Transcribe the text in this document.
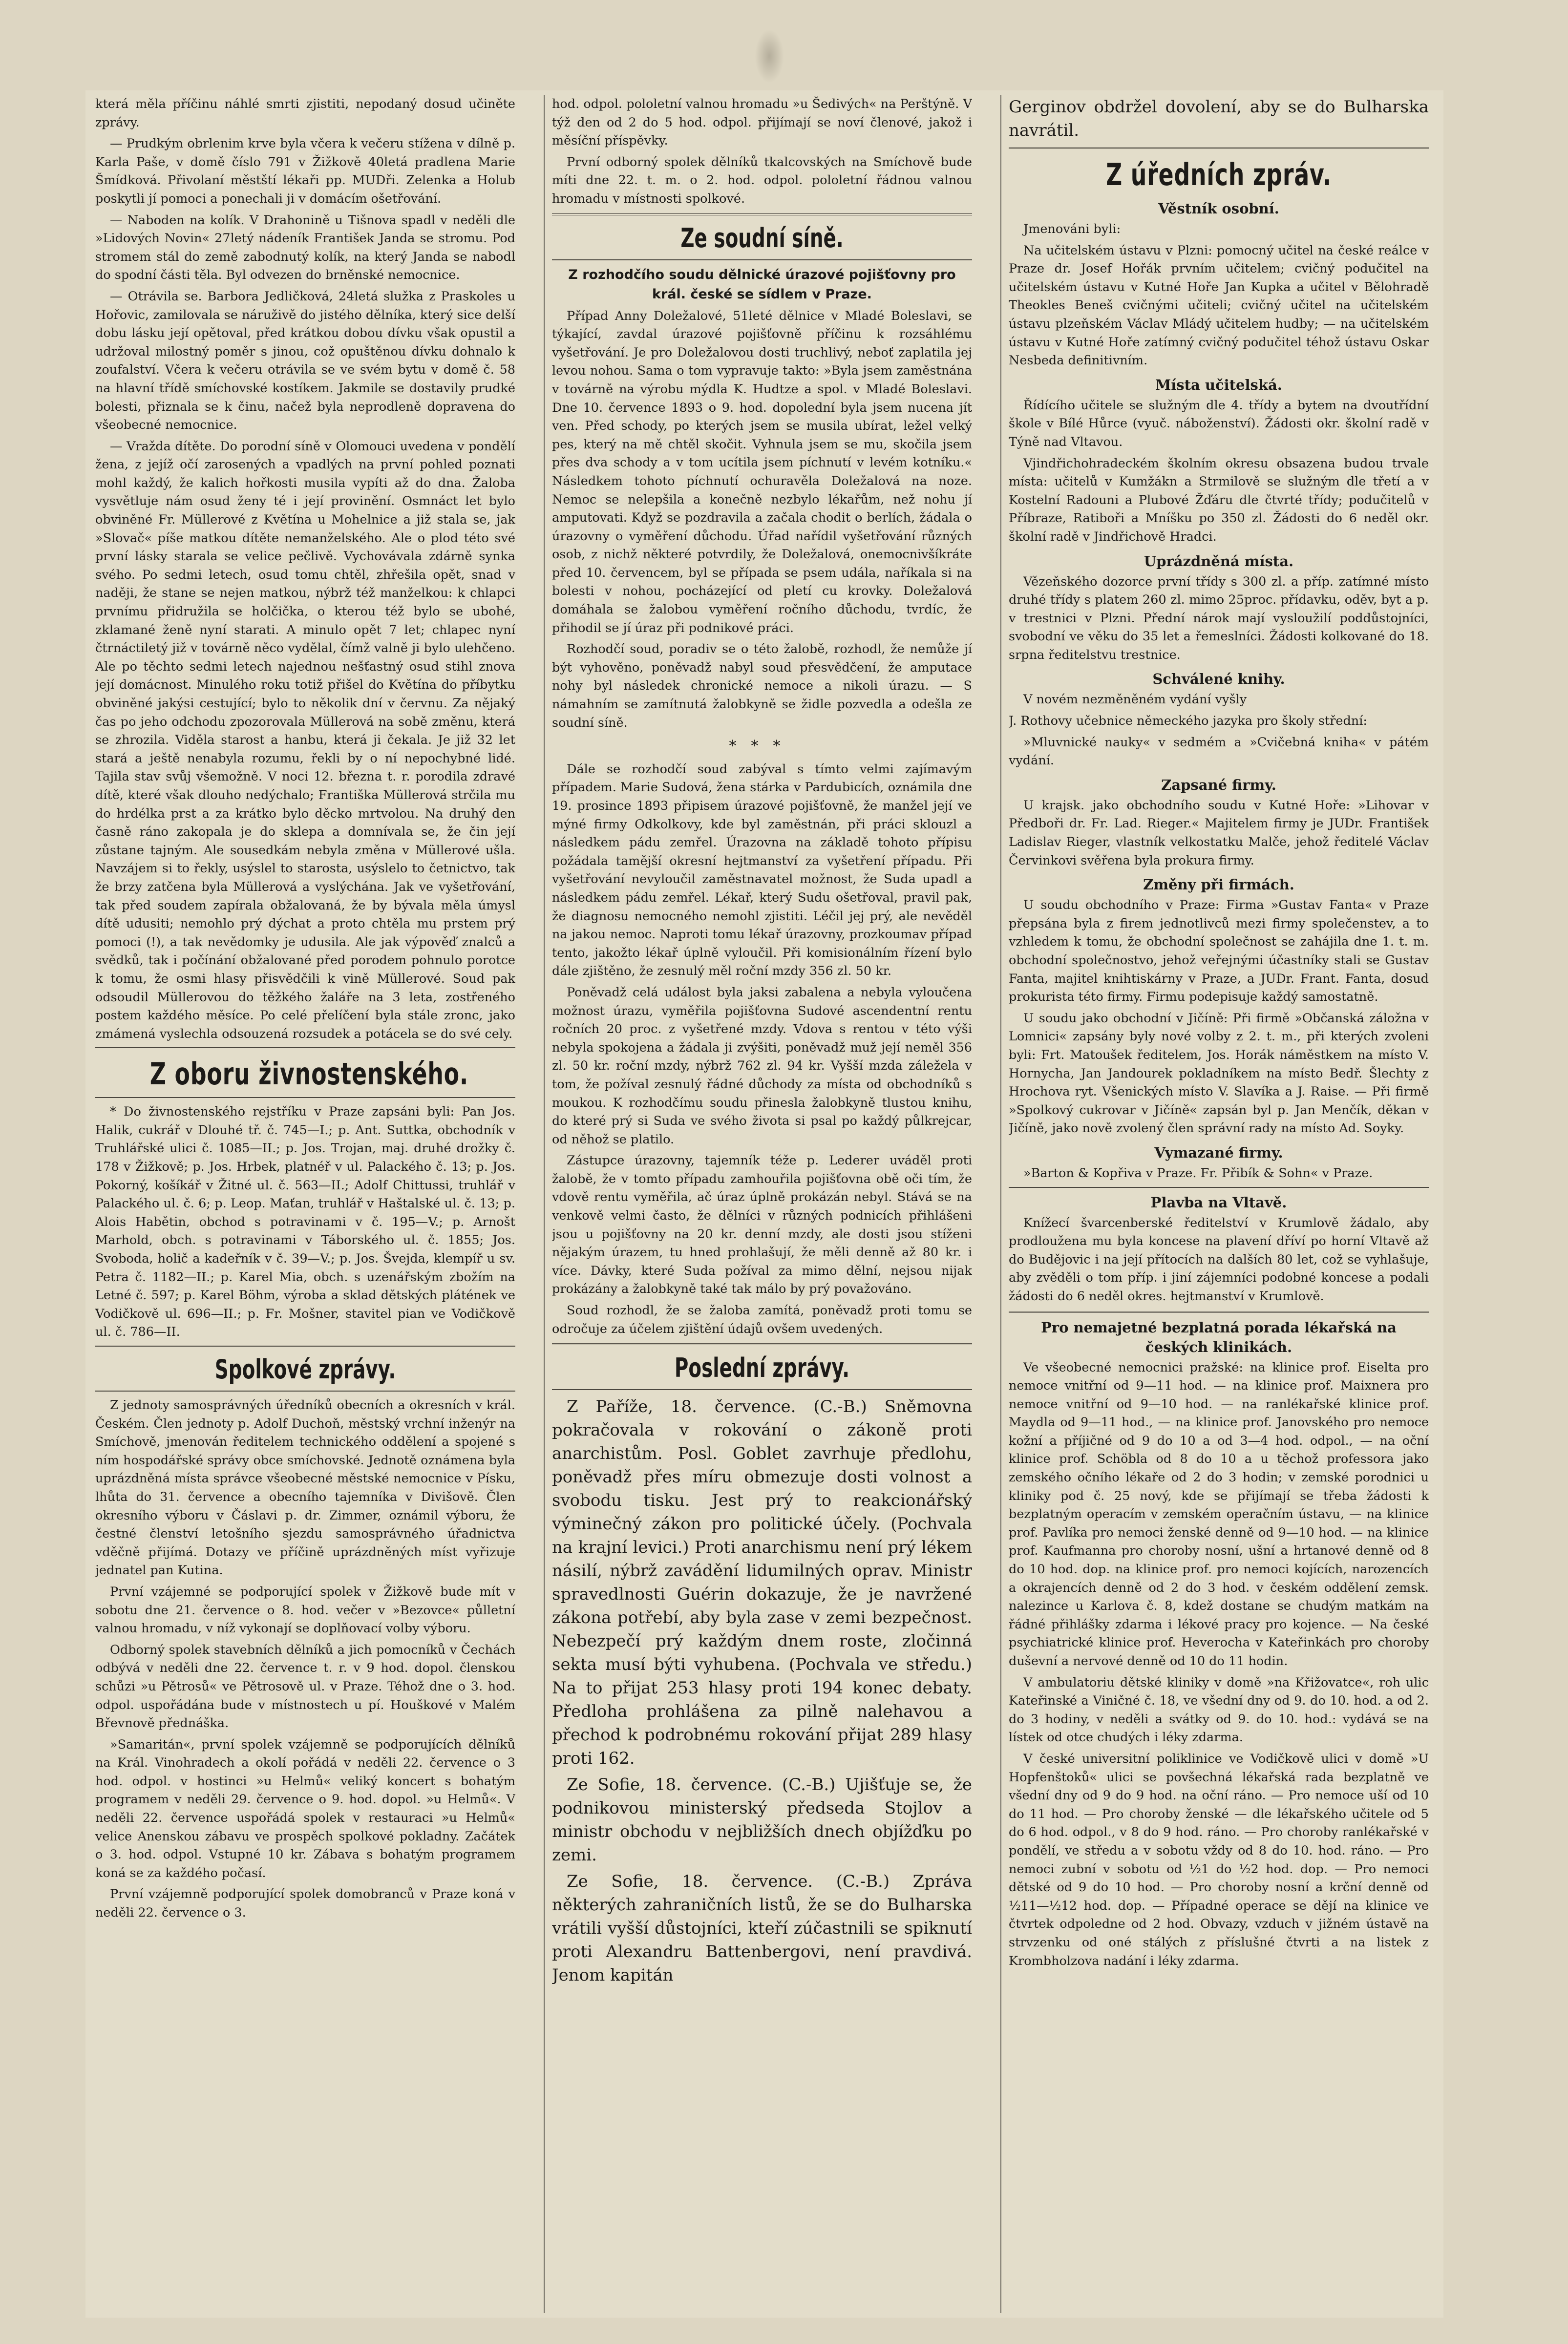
která měla příčinu náhlé smrti zjistiti, nepodaný dosud učiněte zprávy.

— Prudkým obrlenim krve byla včera k večeru stížena v dílně p. Karla Paše, v domě číslo 791 v Žižkově 40letá pradlena Marie Šmídková. Přivolaní městští lékaři pp. MUDři. Zelenka a Holub poskytli jí pomoci a ponechali ji v domácím ošetřování.

— Naboden na kolík. V Drahonině u Tišnova spadl v neděli dle »Lidových Novin« 27letý nádeník František Janda se stromu. Pod stromem stál do země zabodnutý kolík, na který Janda se nabodl do spodní části těla. Byl odvezen do brněnské nemocnice.

— Otrávila se. Barbora Jedličková, 24letá služka z Praskoles u Hořovic, zamilovala se náruživě do jistého dělníka, který sice delší dobu lásku její opětoval, před krátkou dobou dívku však opustil a udržoval milostný poměr s jinou, což opuštěnou dívku dohnalo k zoufalství. Včera k večeru otrávila se ve svém bytu v domě č. 58 na hlavní třídě smíchovské kostíkem. Jakmile se dostavily prudké bolesti, přiznala se k činu, načež byla neprodleně dopravena do všeobecné nemocnice.

— Vražda dítěte. Do porodní síně v Olomouci uvedena v pondělí žena, z jejíž očí zarosených a vpadlých na první pohled poznati mohl každý, že kalich hořkosti musila vypíti až do dna. Žaloba vysvětluje nám osud ženy té i její provinění. Osmnáct let bylo obviněné Fr. Müllerové z Květína u Mohelnice a již stala se, jak »Slovač« píše matkou dítěte nemanželského. Ale o plod této své první lásky starala se velice pečlivě. Vychovávala zdárně synka svého. Po sedmi letech, osud tomu chtěl, zhřešila opět, snad v naději, že stane se nejen matkou, nýbrž též manželkou: k chlapci prvnímu přidružila se holčička, o kterou též bylo se ubohé, zklamané ženě nyní starati. A minulo opět 7 let; chlapec nyní čtrnáctiletý již v továrně něco vydělal, čímž valně ji bylo ulehčeno. Ale po těchto sedmi letech najednou nešťastný osud stihl znova její domácnost. Minulého roku totiž přišel do Květína do příbytku obviněné jakýsi cestující; bylo to několik dní v červnu. Za nějaký čas po jeho odchodu zpozorovala Müllerová na sobě změnu, která se zhrozila. Viděla starost a hanbu, která ji čekala. Je již 32 let stará a ještě nenabyla rozumu, řekli by o ní nepochybné lidé. Tajila stav svůj všemožně. V noci 12. března t. r. porodila zdravé dítě, které však dlouho nedýchalo; Františka Müllerová strčila mu do hrdélka prst a za krátko bylo děcko mrtvolou. Na druhý den časně ráno zakopala je do sklepa a domnívala se, že čin její zůstane tajným. Ale sousedkám nebyla změna v Müllerové ušla. Navzájem si to řekly, usýslel to starosta, usýslelo to četnictvo, tak že brzy zatčena byla Müllerová a vyslýchána. Jak ve vyšetřování, tak před soudem zapírala obžalovaná, že by bývala měla úmysl dítě udusiti; nemohlo prý dýchat a proto chtěla mu prstem prý pomoci (!), a tak nevědomky je udusila. Ale jak výpověď znalců a svědků, tak i počínání obžalované před porodem pohnulo porotce k tomu, že osmi hlasy přisvědčili k vině Müllerové. Soud pak odsoudil Müllerovou do těžkého žaláře na 3 leta, zostřeného postem každého měsíce. Po celé přelíčení byla stále zronc, jako zmámená vyslechla odsouzená rozsudek a potácela se do své cely.

Z oboru živnostenského.

* Do živnostenského rejstříku v Praze zapsáni byli: Pan Jos. Halik, cukrář v Dlouhé tř. č. 745—I.; p. Ant. Suttka, obchodník v Truhlářské ulici č. 1085—II.; p. Jos. Trojan, maj. druhé drožky č. 178 v Žižkově; p. Jos. Hrbek, platnéř v ul. Palackého č. 13; p. Jos. Pokorný, košíkář v Žitné ul. č. 563—II.; Adolf Chittussi, truhlář v Palackého ul. č. 6; p. Leop. Maťan, truhlář v Haštalské ul. č. 13; p. Alois Habětin, obchod s potravinami v č. 195—V.; p. Arnošt Marhold, obch. s potravinami v Táborského ul. č. 1855; Jos. Svoboda, holič a kadeřník v č. 39—V.; p. Jos. Švejda, klempíř u sv. Petra č. 1182—II.; p. Karel Mia, obch. s uzenářským zbožím na Letné č. 597; p. Karel Böhm, výroba a sklad dětských plátének ve Vodičkově ul. 696—II.; p. Fr. Mošner, stavitel pian ve Vodičkově ul. č. 786—II.

Spolkové zprávy.

Z jednoty samosprávných úředníků obecních a okresních v král. Českém. Člen jednoty p. Adolf Duchoň, městský vrchní inženýr na Smíchově, jmenován ředitelem technického oddělení a spojené s ním hospodářské správy obce smíchovské. Jednotě oznámena byla uprázdněná místa správce všeobecné městské nemocnice v Písku, lhůta do 31. července a obecního tajemníka v Divišově. Člen okresního výboru v Čáslavi p. dr. Zimmer, oznámil výboru, že čestné členství letošního sjezdu samosprávného úřadnictva vděčně přijímá. Dotazy ve příčině uprázdněných míst vyřizuje jednatel pan Kutina.

První vzájemné se podporující spolek v Žižkově bude mít v sobotu dne 21. července o 8. hod. večer v »Bezovce« půlletní valnou hromadu, v níž vykonají se doplňovací volby výboru.

Odborný spolek stavebních dělníků a jich pomocníků v Čechách odbývá v neděli dne 22. července t. r. v 9 hod. dopol. členskou schůzi »u Pětrosů« ve Pětrosově ul. v Praze. Téhož dne o 3. hod. odpol. uspořádána bude v místnostech u pí. Houškové v Malém Břevnově přednáška.

»Samaritán«, první spolek vzájemně se podporujících dělníků na Král. Vinohradech a okolí pořádá v neděli 22. července o 3 hod. odpol. v hostinci »u Helmů« veliký koncert s bohatým programem v neděli 29. července o 9. hod. dopol. »u Helmů«. V neděli 22. července uspořádá spolek v restauraci »u Helmů« velice Anenskou zábavu ve prospěch spolkové pokladny. Začátek o 3. hod. odpol. Vstupné 10 kr. Zábava s bohatým programem koná se za každého počasí.

První vzájemně podporující spolek domobranců v Praze koná v neděli 22. července o 3.

hod. odpol. pololetní valnou hromadu »u Šedivých« na Perštýně. V týž den od 2 do 5 hod. odpol. přijímají se noví členové, jakož i měsíční příspěvky.

První odborný spolek dělníků tkalcovských na Smíchově bude míti dne 22. t. m. o 2. hod. odpol. pololetní řádnou valnou hromadu v místnosti spolkové.

Ze soudní síně.
Z rozhodčího soudu dělnické úrazové pojišťovny pro král. české se sídlem v Praze.

Případ Anny Doležalové, 51leté dělnice v Mladé Boleslavi, se týkající, zavdal úrazové pojišťovně příčinu k rozsáhlému vyšetřování. Je pro Doležalovou dosti truchlivý, neboť zaplatila jej levou nohou. Sama o tom vypravuje takto: »Byla jsem zaměstnána v továrně na výrobu mýdla K. Hudtze a spol. v Mladé Boleslavi. Dne 10. července 1893 o 9. hod. dopolední byla jsem nucena jít ven. Před schody, po kterých jsem se musila ubírat, ležel velký pes, který na mě chtěl skočit. Vyhnula jsem se mu, skočila jsem přes dva schody a v tom ucítila jsem píchnutí v levém kotníku.« Následkem tohoto píchnutí ochuravěla Doležalová na noze. Nemoc se nelepšila a konečně nezbylo lékařům, než nohu jí amputovati. Když se pozdravila a začala chodit o berlích, žádala o úrazovny o vyměření důchodu. Úřad nařídil vyšetřování různých osob, z nichž některé potvrdily, že Doležalová, onemocnivšíkráte před 10. červencem, byl se případa se psem udála, naříkala si na bolesti v nohou, pocházející od pletí cu krovky. Doležalová domáhala se žalobou vyměření ročního důchodu, tvrdíc, že přihodil se jí úraz při podnikové práci.

Rozhodčí soud, poradiv se o této žalobě, rozhodl, že nemůže jí být vyhověno, poněvadž nabyl soud přesvědčení, že amputace nohy byl následek chronické nemoce a nikoli úrazu. — S námahním se zamítnutá žalobkyně se židle pozvedla a odešla ze soudní síně.

***

Dále se rozhodčí soud zabýval s tímto velmi zajímavým případem. Marie Sudová, žena stárka v Pardubicích, oznámila dne 19. prosince 1893 připisem úrazové pojišťovně, že manžel její ve mýné firmy Odkolkovy, kde byl zaměstnán, při práci sklouzl a následkem pádu zemřel. Úrazovna na základě tohoto přípisu požádala tamější okresní hejtmanství za vyšetření případu. Při vyšetřování nevyloučil zaměstnavatel možnost, že Suda upadl a následkem pádu zemřel. Lékař, který Sudu ošetřoval, pravil pak, že diagnosu nemocného nemohl zjistiti. Léčil jej prý, ale nevěděl na jakou nemoc. Naproti tomu lékař úrazovny, prozkoumav případ tento, jakožto lékař úplně vyloučil. Při komisionálním řízení bylo dále zjištěno, že zesnulý měl roční mzdy 356 zl. 50 kr.

Poněvadž celá událost byla jaksi zabalena a nebyla vyloučena možnost úrazu, vyměřila pojišťovna Sudové ascendentní rentu ročních 20 proc. z vyšetřené mzdy. Vdova s rentou v této výši nebyla spokojena a žádala ji zvýšiti, poněvadž muž její neměl 356 zl. 50 kr. roční mzdy, nýbrž 762 zl. 94 kr. Vyšší mzda záležela v tom, že požíval zesnulý řádné důchody za místa od obchodníků s moukou. K rozhodčímu soudu přinesla žalobkyně tlustou knihu, do které prý si Suda ve svého života si psal po každý půlkrejcar, od něhož se platilo.

Zástupce úrazovny, tajemník téže p. Lederer uváděl proti žalobě, že v tomto případu zamhouřila pojišťovna obě oči tím, že vdově rentu vyměřila, ač úraz úplně prokázán nebyl. Stává se na venkově velmi často, že dělníci v různých podnicích přihlášeni jsou u pojišťovny na 20 kr. denní mzdy, ale dosti jsou stíženi nějakým úrazem, tu hned prohlašují, že měli denně až 80 kr. i více. Dávky, které Suda požíval za mimo dělní, nejsou nijak prokázány a žalobkyně také tak málo by prý považováno.

Soud rozhodl, že se žaloba zamítá, poněvadž proti tomu se odročuje za účelem zjištění údajů ovšem uvedených.

Poslední zprávy.

Z Paříže, 18. července. (C.-B.) Sněmovna pokračovala v rokování o zákoně proti anarchistům. Posl. Goblet zavrhuje předlohu, poněvadž přes míru obmezuje dosti volnost a svobodu tisku. Jest prý to reakcionářský výminečný zákon pro politické účely. (Pochvala na krajní levici.) Proti anarchismu není prý lékem násilí, nýbrž zavádění lidumilných oprav. Ministr spravedlnosti Guérin dokazuje, že je navržené zákona potřebí, aby byla zase v zemi bezpečnost. Nebezpečí prý každým dnem roste, zločinná sekta musí býti vyhubena. (Pochvala ve středu.) Na to přijat 253 hlasy proti 194 konec debaty. Předloha prohlášena za pilně nalehavou a přechod k podrobnému rokování přijat 289 hlasy proti 162.

Ze Sofie, 18. července. (C.-B.) Ujišťuje se, že podnikovou ministerský předseda Stojlov a ministr obchodu v nejbližších dnech objížďku po zemi.

Ze Sofie, 18. července. (C.-B.) Zpráva některých zahraničních listů, že se do Bulharska vrátili vyšší důstojníci, kteří zúčastnili se spiknutí proti Alexandru Battenbergovi, není pravdivá. Jenom kapitán

Gerginov obdržel dovolení, aby se do Bulharska navrátil.

Z úředních zpráv.
Věstník osobní.

Jmenováni byli:

Na učitelském ústavu v Plzni: pomocný učitel na české reálce v Praze dr. Josef Hořák prvním učitelem; cvičný podučitel na učitelském ústavu v Kutné Hoře Jan Kupka a učitel v Bělohradě Theokles Beneš cvičnými učiteli; cvičný učitel na učitelském ústavu plzeňském Václav Mládý učitelem hudby; — na učitelském ústavu v Kutné Hoře zatímný cvičný podučitel téhož ústavu Oskar Nesbeda definitivním.

Místa učitelská.

Řídícího učitele se služným dle 4. třídy a bytem na dvoutřídní škole v Bílé Hůrce (vyuč. náboženství). Žádosti okr. školní radě v Týně nad Vltavou.

Vjindřichohradeckém školním okresu obsazena budou trvale místa: učitelů v Kumžákn a Strmilově se služným dle třetí a v Kostelní Radouni a Plubové Žďáru dle čtvrté třídy; podučitelů v Příbraze, Ratiboři a Mníšku po 350 zl. Žádosti do 6 neděl okr. školní radě v Jindřichově Hradci.

Uprázdněná místa.

Vězeňského dozorce první třídy s 300 zl. a příp. zatímné místo druhé třídy s platem 260 zl. mimo 25proc. přídavku, oděv, byt a p. v trestnici v Plzni. Přední nárok mají vysloužilí poddůstojníci, svobodní ve věku do 35 let a řemeslníci. Žádosti kolkované do 18. srpna ředitelstvu trestnice.

Schválené knihy.

V novém nezměněném vydání vyšly

J. Rothovy učebnice německého jazyka pro školy střední:

»Mluvnické nauky« v sedmém a »Cvičebná kniha« v pátém vydání.

Zapsané firmy.

U krajsk. jako obchodního soudu v Kutné Hoře: »Lihovar v Předboři dr. Fr. Lad. Rieger.« Majitelem firmy je JUDr. František Ladislav Rieger, vlastník velkostatku Malče, jehož ředitelé Václav Červinkovi svěřena byla prokura firmy.

Změny při firmách.

U soudu obchodního v Praze: Firma »Gustav Fanta« v Praze přepsána byla z firem jednotlivců mezi firmy společenstev, a to vzhledem k tomu, že obchodní společnost se zahájila dne 1. t. m. obchodní společnostvo, jehož veřejnými účastníky stali se Gustav Fanta, majitel knihtiskárny v Praze, a JUDr. Frant. Fanta, dosud prokurista této firmy. Firmu podepisuje každý samostatně.

U soudu jako obchodní v Jičíně: Při firmě »Občanská záložna v Lomnici« zapsány byly nové volby z 2. t. m., při kterých zvoleni byli: Frt. Matoušek ředitelem, Jos. Horák náměstkem na místo V. Hornycha, Jan Jandourek pokladníkem na místo Bedř. Šlechty z Hrochova ryt. Všenických místo V. Slavíka a J. Raise. — Při firmě »Spolkový cukrovar v Jičíně« zapsán byl p. Jan Menčík, děkan v Jičíně, jako nově zvolený člen správní rady na místo Ad. Soyky.

Vymazané firmy.

»Barton & Kopřiva v Praze. Fr. Přibík & Sohn« v Praze.

Plavba na Vltavě.

Knížecí švarcenberské ředitelství v Krumlově žádalo, aby prodloužena mu byla koncese na plavení dříví po horní Vltavě až do Budějovic i na její přítocích na dalších 80 let, což se vyhlašuje, aby zvěděli o tom příp. i jiní zájemníci podobné koncese a podali žádosti do 6 neděl okres. hejtmanství v Krumlově.

Pro nemajetné bezplatná porada lékařská na českých klinikách.

Ve všeobecné nemocnici pražské: na klinice prof. Eiselta pro nemoce vnitřní od 9—11 hod. — na klinice prof. Maixnera pro nemoce vnitřní od 9—10 hod. — na ranlékařské klinice prof. Maydla od 9—11 hod., — na klinice prof. Janovského pro nemoce kožní a příjičné od 9 do 10 a od 3—4 hod. odpol., — na oční klinice prof. Schöbla od 8 do 10 a u těchož professora jako zemského očního lékaře od 2 do 3 hodin; v zemské porodnici u kliniky pod č. 25 nový, kde se přijímají se třeba žádosti k bezplatným operacím v zemském operačním ústavu, — na klinice prof. Pavlíka pro nemoci ženské denně od 9—10 hod. — na klinice prof. Kaufmanna pro choroby nosní, ušní a hrtanové denně od 8 do 10 hod. dop. na klinice prof. pro nemoci kojících, narozencích a okrajencích denně od 2 do 3 hod. v českém oddělení zemsk. nalezince u Karlova č. 8, kdež dostane se chudým matkám na řádné přihlášky zdarma i lékové pracy pro kojence. — Na české psychiatrické klinice prof. Heverocha v Kateřinkách pro choroby duševní a nervové denně od 10 do 11 hodin.

V ambulatoriu dětské kliniky v domě »na Křižovatce«, roh ulic Kateřinské a Viničné č. 18, ve všední dny od 9. do 10. hod. a od 2. do 3 hodiny, v neděli a svátky od 9. do 10. hod.: vydává se na lístek od otce chudých i léky zdarma.

V české universitní poliklinice ve Vodičkově ulici v domě »U Hopfenštoků« ulici se povšechná lékařská rada bezplatně ve všední dny od 9 do 9 hod. na oční ráno. — Pro nemoce uší od 10 do 11 hod. — Pro choroby ženské — dle lékařského učitele od 5 do 6 hod. odpol., v 8 do 9 hod. ráno. — Pro choroby ranlékařské v pondělí, ve středu a v sobotu vždy od 8 do 10. hod. ráno. — Pro nemoci zubní v sobotu od ½1 do ½2 hod. dop. — Pro nemoci dětské od 9 do 10 hod. — Pro choroby nosní a krční denně od ½11—½12 hod. dop. — Případné operace se dějí na klinice ve čtvrtek odpoledne od 2 hod. Obvazy, vzduch v jižném ústavě na strvzenku od oné stálých z příslušné čtvrti a na listek z Krombholzova nadání i léky zdarma.
